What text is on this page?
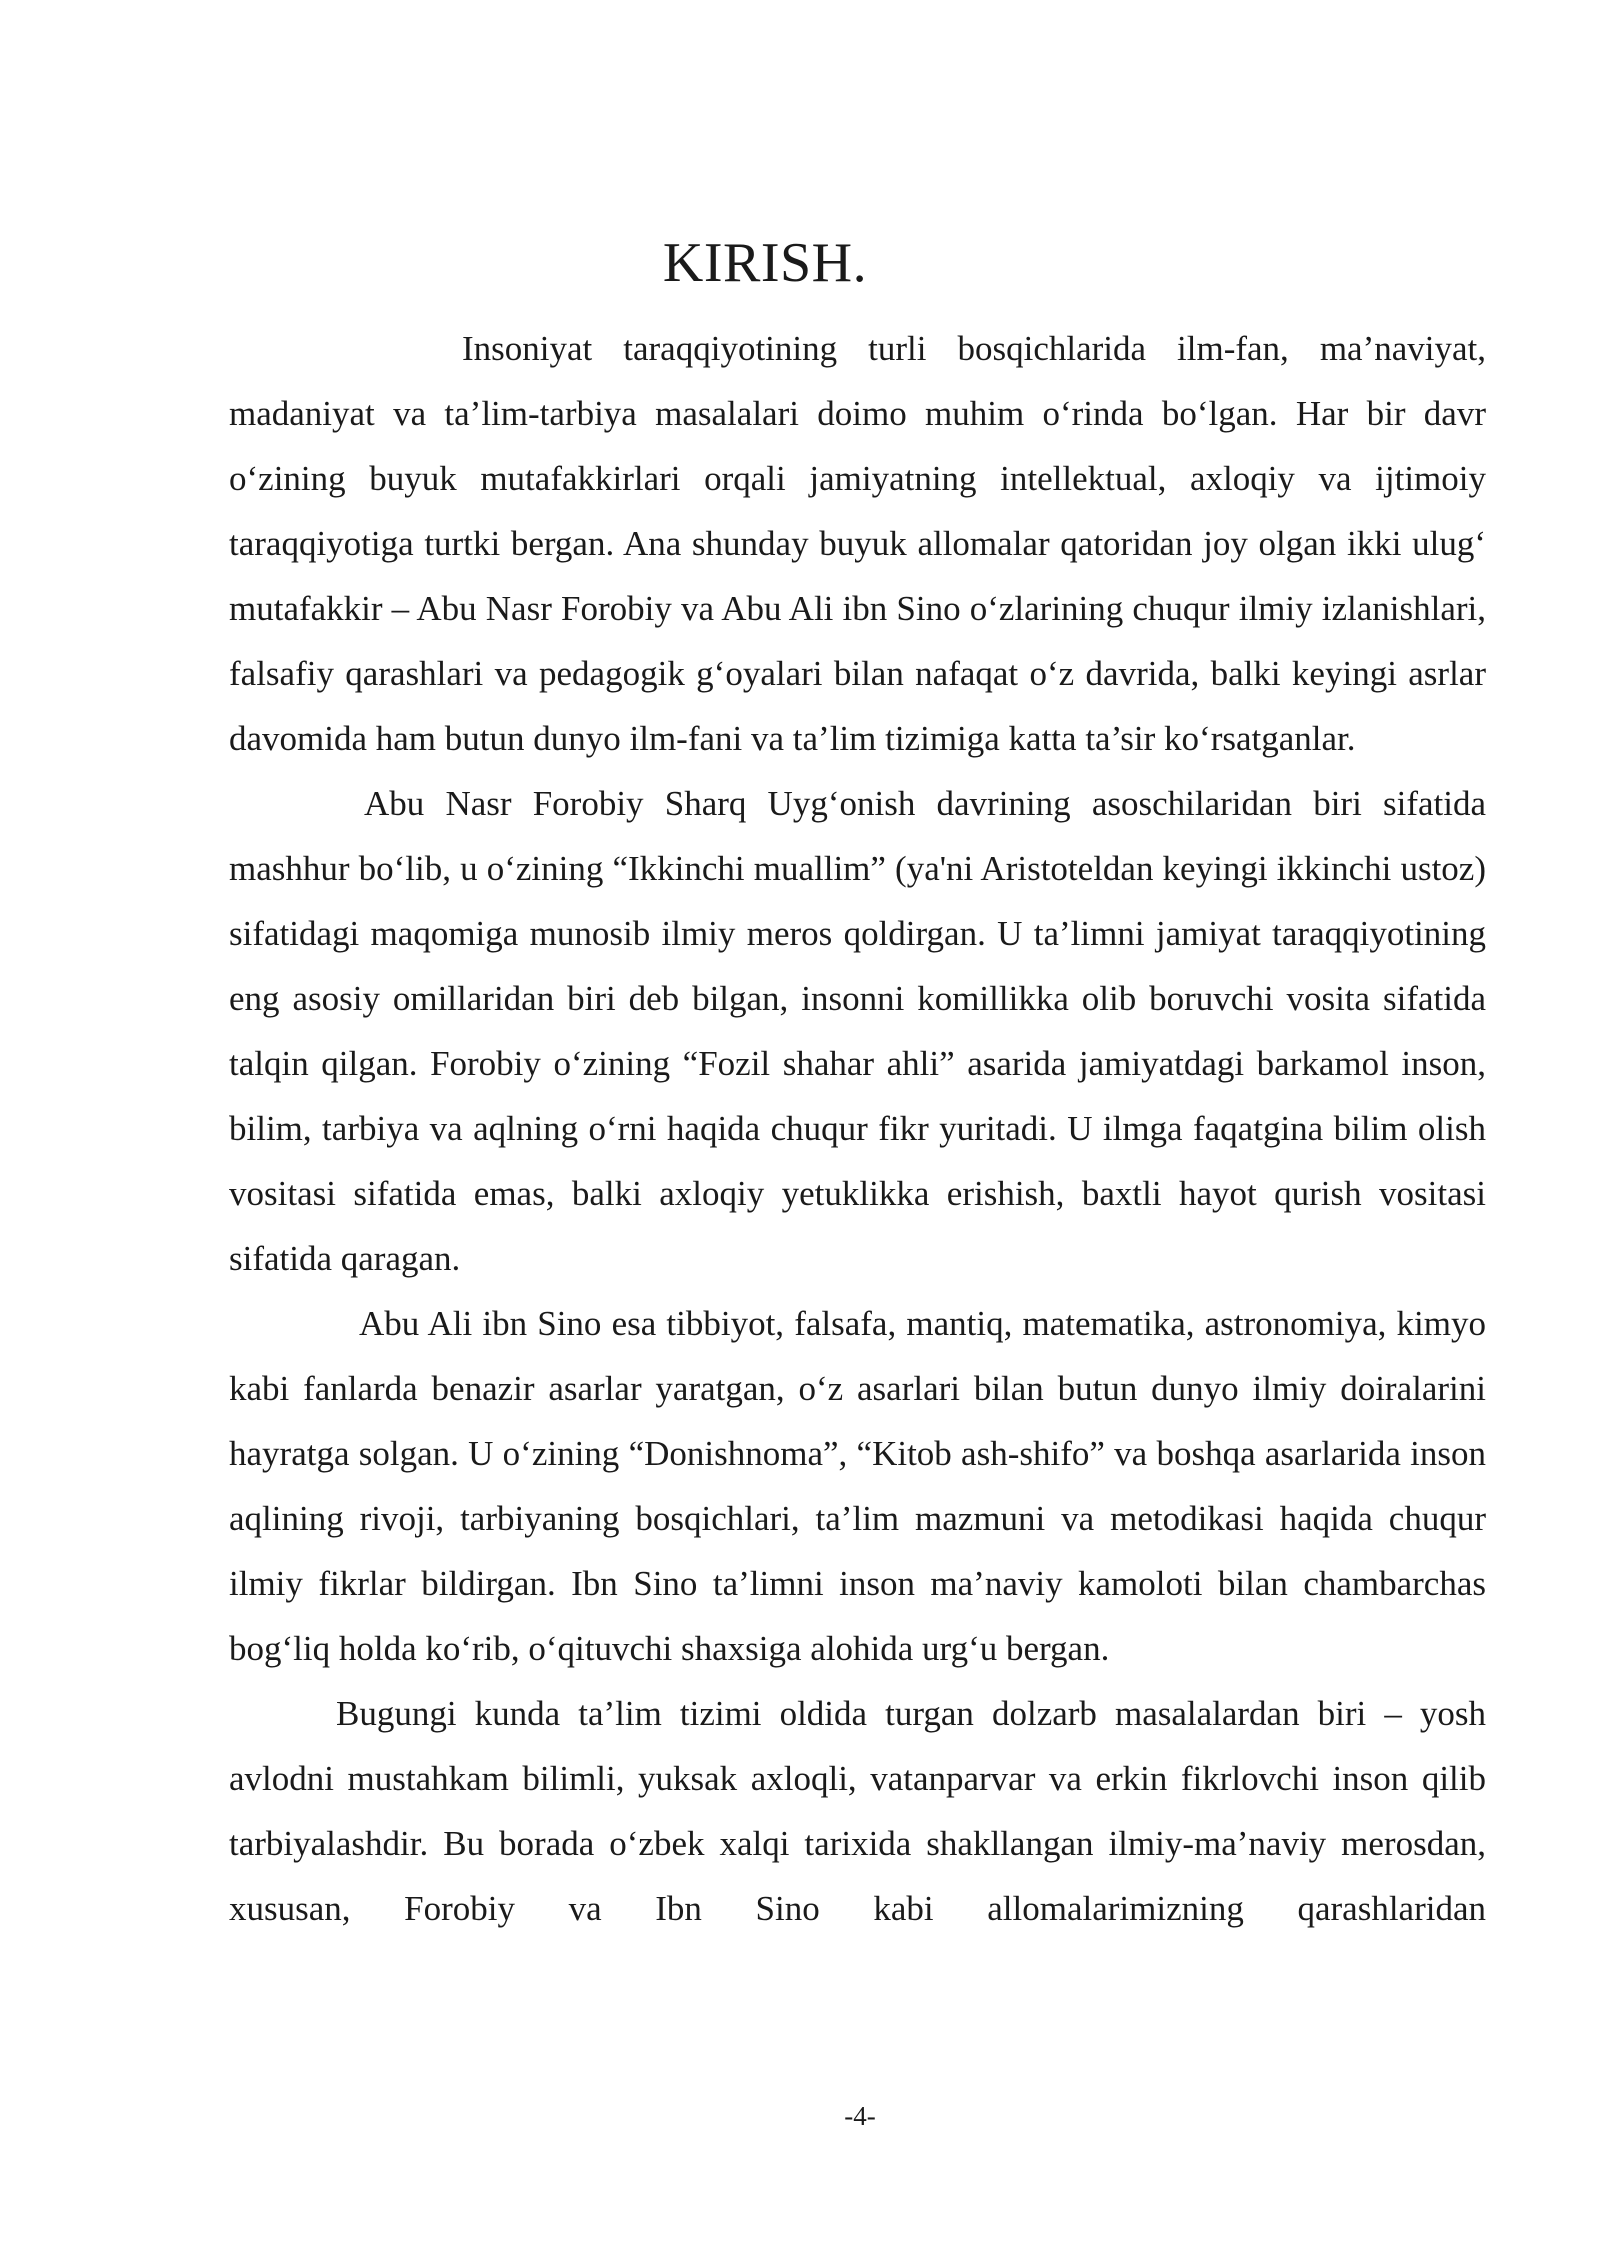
KIRISH.

Insoniyat taraqqiyotining turli bosqichlarida ilm-fan, ma’naviyat, madaniyat va ta’lim-tarbiya masalalari doimo muhim o‘rinda bo‘lgan. Har bir davr o‘zining buyuk mutafakkirlari orqali jamiyatning intellektual, axloqiy va ijtimoiy taraqqiyotiga turtki bergan. Ana shunday buyuk allomalar qatoridan joy olgan ikki ulug‘ mutafakkir – Abu Nasr Forobiy va Abu Ali ibn Sino o‘zlarining chuqur ilmiy izlanishlari, falsafiy qarashlari va pedagogik g‘oyalari bilan nafaqat o‘z davrida, balki keyingi asrlar davomida ham butun dunyo ilm-fani va ta’lim tizimiga katta ta’sir ko‘rsatganlar.

Abu Nasr Forobiy Sharq Uyg‘onish davrining asoschilaridan biri sifatida mashhur bo‘lib, u o‘zining “Ikkinchi muallim” (ya'ni Aristoteldan keyingi ikkinchi ustoz) sifatidagi maqomiga munosib ilmiy meros qoldirgan. U ta’limni jamiyat taraqqiyotining eng asosiy omillaridan biri deb bilgan, insonni komillikka olib boruvchi vosita sifatida talqin qilgan. Forobiy o‘zining “Fozil shahar ahli” asarida jamiyatdagi barkamol inson, bilim, tarbiya va aqlning o‘rni haqida chuqur fikr yuritadi. U ilmga faqatgina bilim olish vositasi sifatida emas, balki axloqiy yetuklikka erishish, baxtli hayot qurish vositasi sifatida qaragan.

Abu Ali ibn Sino esa tibbiyot, falsafa, mantiq, matematika, astronomiya, kimyo kabi fanlarda benazir asarlar yaratgan, o‘z asarlari bilan butun dunyo ilmiy doiralarini hayratga solgan. U o‘zining “Donishnoma”, “Kitob ash-shifo” va boshqa asarlarida inson aqlining rivoji, tarbiyaning bosqichlari, ta’lim mazmuni va metodikasi haqida chuqur ilmiy fikrlar bildirgan. Ibn Sino ta’limni inson ma’naviy kamoloti bilan chambarchas bog‘liq holda ko‘rib, o‘qituvchi shaxsiga alohida urg‘u bergan.

Bugungi kunda ta’lim tizimi oldida turgan dolzarb masalalardan biri – yosh avlodni mustahkam bilimli, yuksak axloqli, vatanparvar va erkin fikrlovchi inson qilib tarbiyalashdir. Bu borada o‘zbek xalqi tarixida shakllangan ilmiy-ma’naviy merosdan, xususan, Forobiy va Ibn Sino kabi allomalarimizning qarashlaridan

-4-
